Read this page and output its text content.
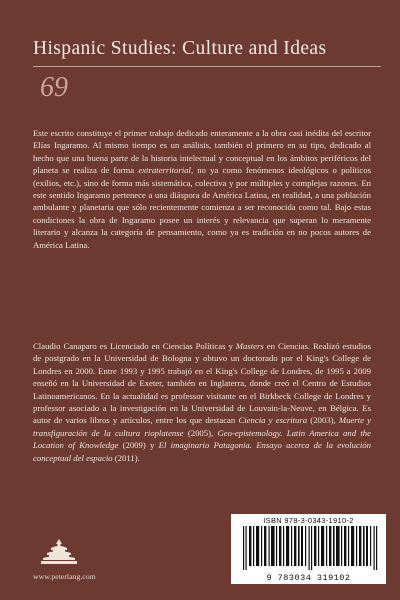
Hispanic Studies: Culture and Ideas
69

Este escrito constituye el primer trabajo dedicado enteramente a la obra casi inédita del escritor Elías Ingaramo. Al mismo tiempo es un análisis, también el primero en su tipo, dedicado al hecho que una buena parte de la historia intelectual y conceptual en los ámbitos periféricos del planeta se realiza de forma extraterritorial, no ya como fenómenos ideológicos o políticos (exilios, etc.), sino de forma más sistemática, colectiva y por múltiples y complejas razones. En este sentido Ingaramo pertenece a una diáspora de América Latina, en realidad, a una población ambulante y planetaria que sólo recientemente comienza a ser reconocida como tal. Bajo estas condiciones la obra de Ingaramo posee un interés y relevancia que superan lo meramente literario y alcanza la categoría de pensamiento, como ya es tradición en no pocos autores de América Latina.

Claudio Canaparo es Licenciado en Ciencias Políticas y Masters en Ciencias. Realizó estudios de postgrado en la Universidad de Bologna y obtuvo un doctorado por el King's College de Londres en 2000. Entre 1993 y 1995 trabajó en el King's College de Londres, de 1995 a 2009 enseñó en la Universidad de Exeter, también en Inglaterra, donde creó el Centro de Estudios Latinoamericanos. En la actualidad es professor visitante en el Birkbeck College de Londres y professor asociado a la investigación en la Universidad de Louvain-la-Neuve, en Bélgica. Es autor de varios libros y artículos, entre los que destacan Ciencia y escritura (2003), Muerte y transfiguración de la cultura rioplatense (2005), Geo-epistemology. Latin America and the Location of Knowledge (2009) y El imaginario Patagonia. Ensayo acerca de la evolución conceptual del espacio (2011).

www.peterlang.com
ISBN 978-3-0343-1910-2
9 783034 319102
